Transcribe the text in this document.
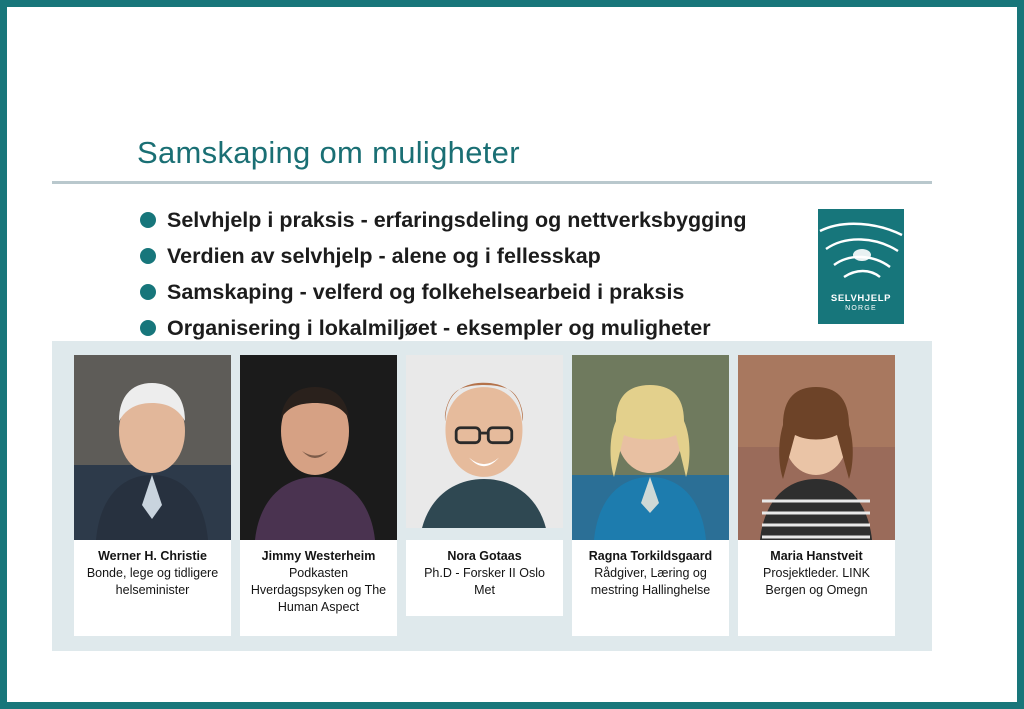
Samskaping om muligheter
Selvhjelp i praksis - erfaringsdeling og nettverksbygging
Verdien av selvhjelp - alene og i fellesskap
Samskaping - velferd og folkehelsearbeid i praksis
Organisering i lokalmiljøet - eksempler og muligheter
SELVHJELP
NORGE
Werner H. Christie
Bonde, lege og tidligere helseminister
Jimmy Westerheim
Podkasten Hverdagspsyken og The Human Aspect
Nora Gotaas
Ph.D - Forsker II Oslo Met
Ragna Torkildsgaard
Rådgiver, Læring og mestring Hallinghelse
Maria Hanstveit
Prosjektleder. LINK Bergen og Omegn
